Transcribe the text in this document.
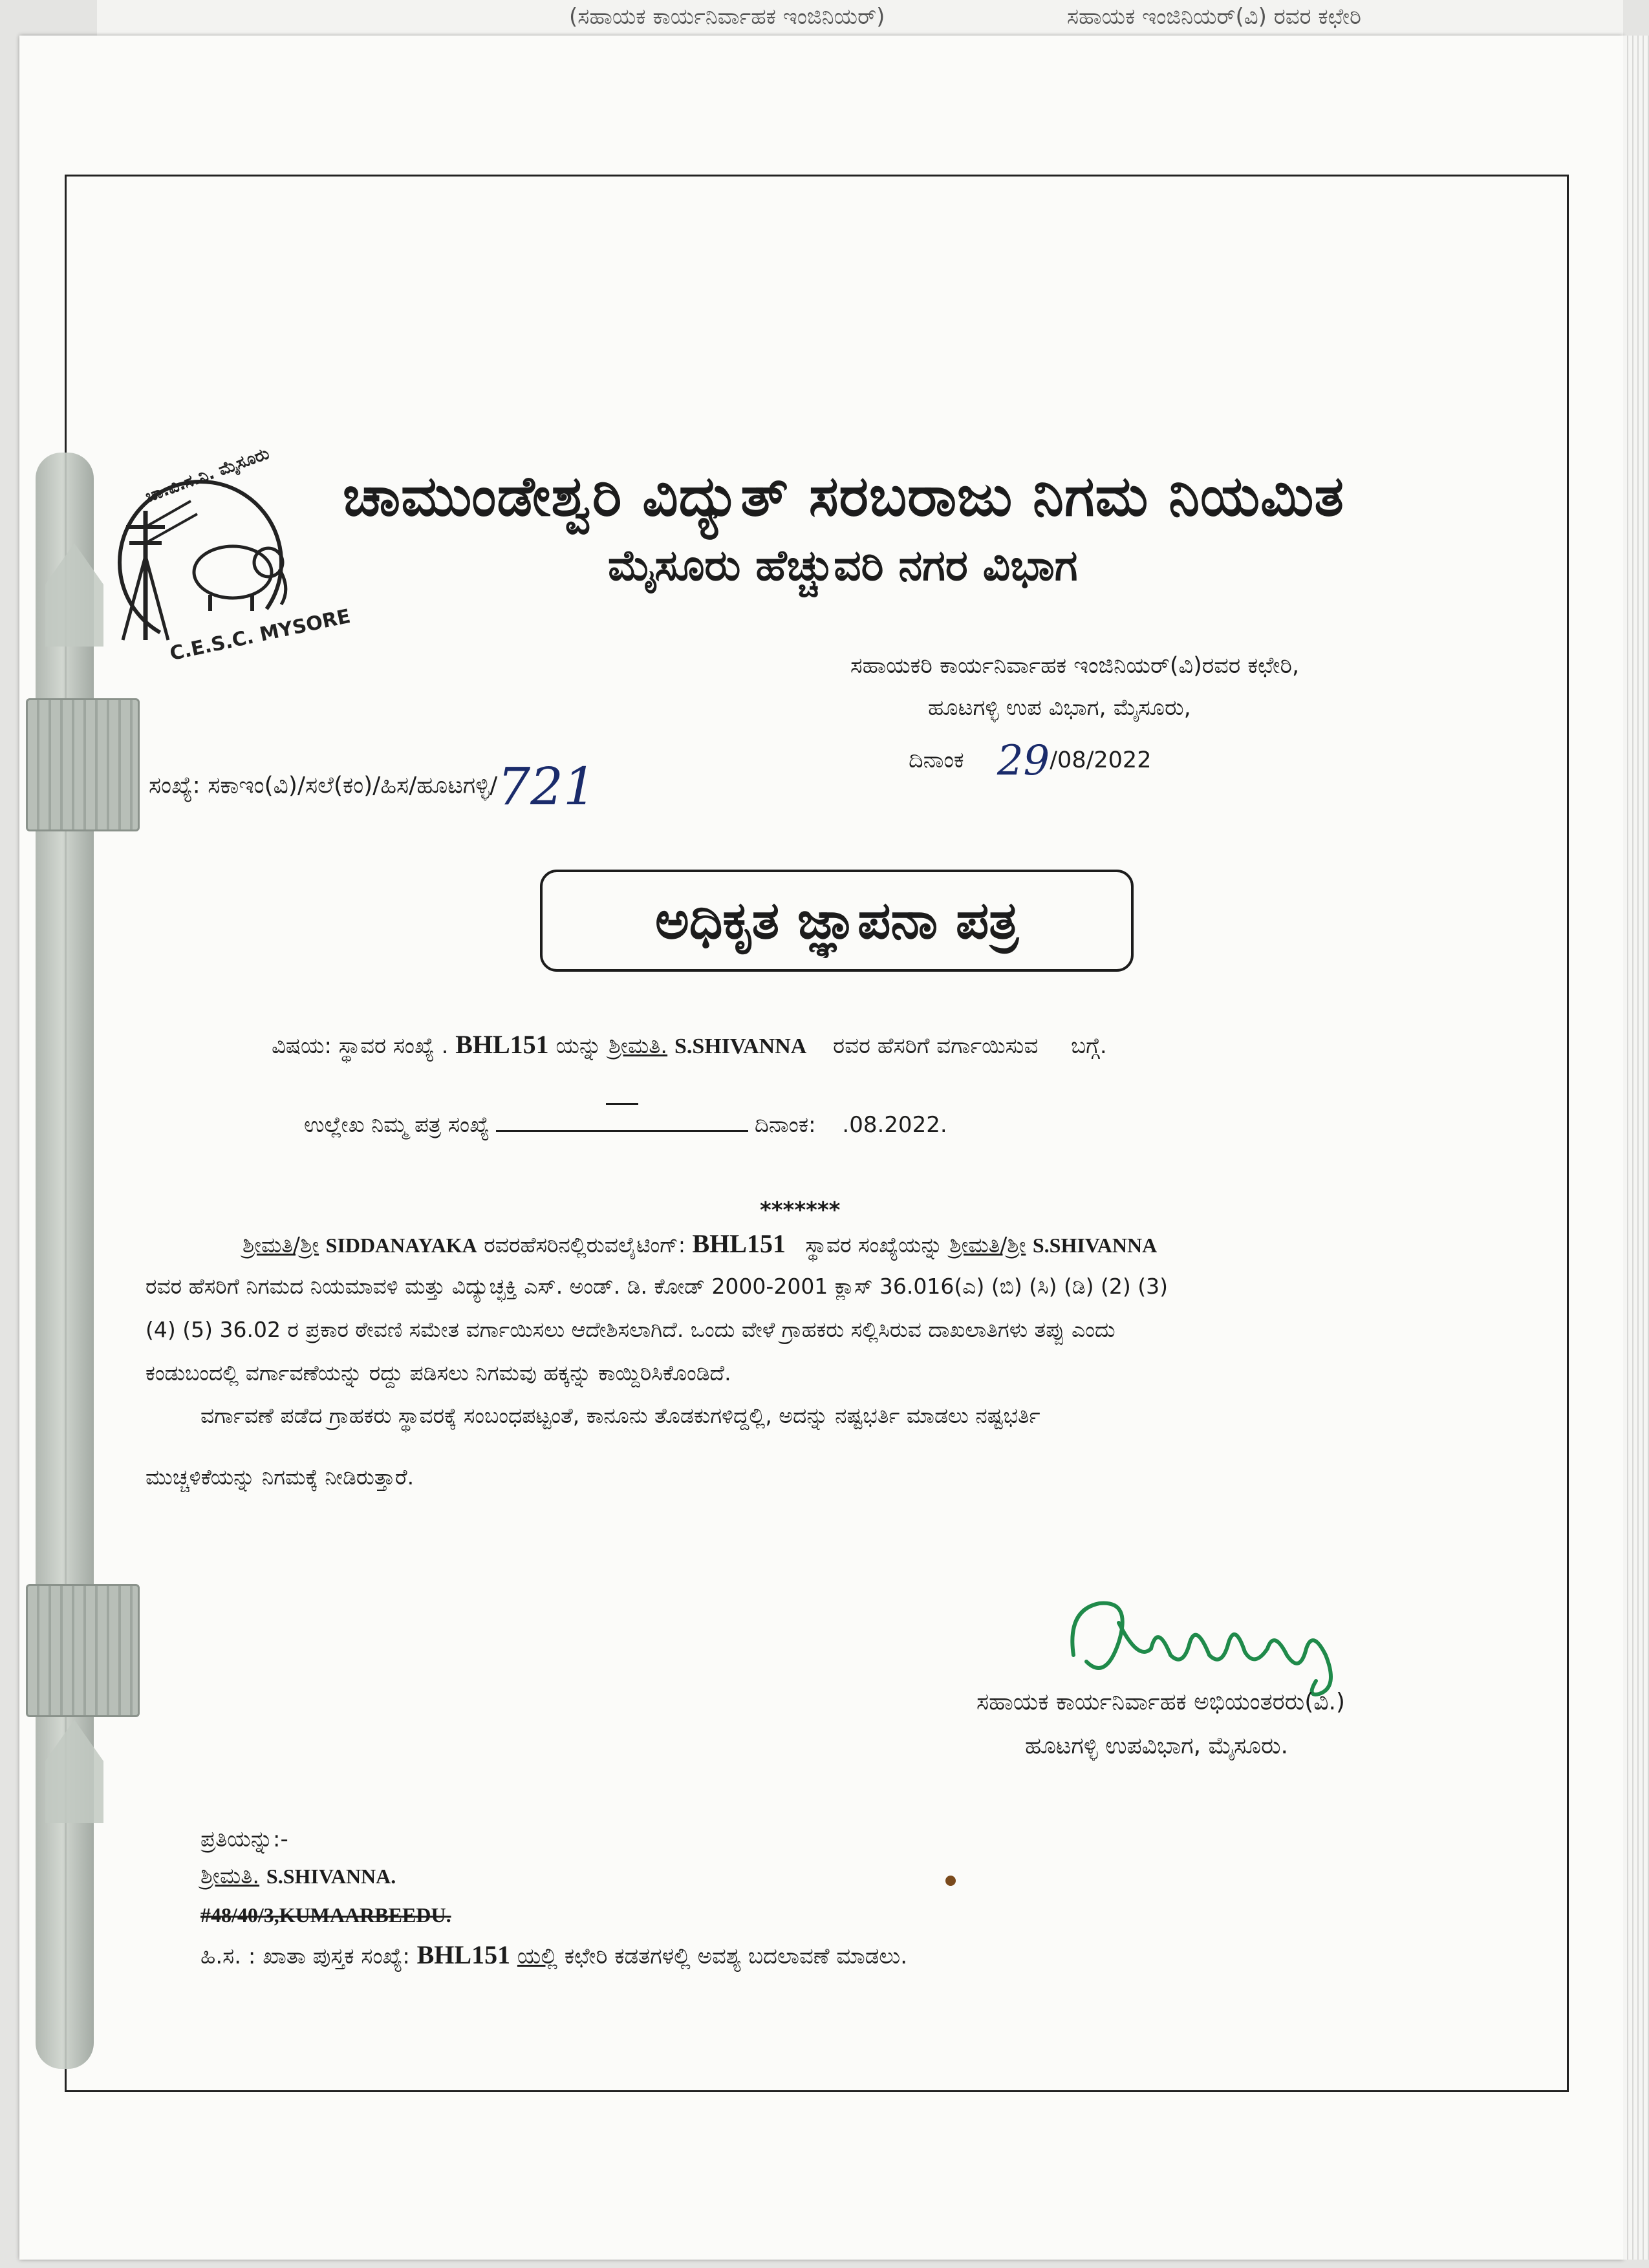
(ಸಹಾಯಕ ಕಾರ್ಯನಿರ್ವಾಹಕ ಇಂಜಿನಿಯರ್)	ಸಹಾಯಕ ಇಂಜಿನಿಯರ್(ವಿ) ರವರ ಕಛೇರಿ
ಚಾ.ವಿ.ಸ.ನಿ. ಮೈಸೂರು
C.E.S.C. MYSORE
ಚಾಮುಂಡೇಶ್ವರಿ ವಿದ್ಯುತ್ ಸರಬರಾಜು ನಿಗಮ ನಿಯಮಿತ
ಮೈಸೂರು ಹೆಚ್ಚುವರಿ ನಗರ ವಿಭಾಗ
ಸಹಾಯಕರಿ ಕಾರ್ಯನಿರ್ವಾಹಕ ಇಂಜಿನಿಯರ್(ವಿ)ರವರ ಕಛೇರಿ,
ಹೂಟಗಳ್ಳಿ ಉಪ ವಿಭಾಗ, ಮೈಸೂರು,
ಸಂಖ್ಯೆ: ಸಕಾಇಂ(ವಿ)/ಸಲೆ(ಕಂ)/ಹಿಸ/ಹೂಟಗಳ್ಳಿ/721	ದಿನಾಂಕ 29/08/2022
ಅಧಿಕೃತ ಜ್ಞಾಪನಾ ಪತ್ರ
ವಿಷಯ: ಸ್ಥಾವರ ಸಂಖ್ಯೆ . BHL151 ಯನ್ನು ಶ್ರೀಮತಿ. S.SHIVANNA ರವರ ಹೆಸರಿಗೆ ವರ್ಗಾಯಿಸುವ ಬಗ್ಗೆ.
ಉಲ್ಲೇಖ ನಿಮ್ಮ ಪತ್ರ ಸಂಖ್ಯೆ	ದಿನಾಂಕ: .08.2022.
*******
ಶ್ರೀಮತಿ/ಶ್ರೀ SIDDANAYAKA ರವರಹೆಸರಿನಲ್ಲಿರುವಲೈಟಿಂಗ್: BHL151 ಸ್ಥಾವರ ಸಂಖ್ಯೆಯನ್ನು ಶ್ರೀಮತಿ/ಶ್ರೀ S.SHIVANNA
ರವರ ಹೆಸರಿಗೆ ನಿಗಮದ ನಿಯಮಾವಳಿ ಮತ್ತು ವಿದ್ಯುಚ್ಛಕ್ತಿ ಎಸ್. ಅಂಡ್. ಡಿ. ಕೋಡ್ 2000-2001 ಕ್ಲಾಸ್ 36.016(ಎ) (ಬಿ) (ಸಿ) (ಡಿ) (2) (3)
(4) (5) 36.02 ರ ಪ್ರಕಾರ ಠೇವಣಿ ಸಮೇತ ವರ್ಗಾಯಿಸಲು ಆದೇಶಿಸಲಾಗಿದೆ. ಒಂದು ವೇಳೆ ಗ್ರಾಹಕರು ಸಲ್ಲಿಸಿರುವ ದಾಖಲಾತಿಗಳು ತಪ್ಪು ಎಂದು
ಕಂಡುಬಂದಲ್ಲಿ ವರ್ಗಾವಣೆಯನ್ನು ರದ್ದು ಪಡಿಸಲು ನಿಗಮವು ಹಕ್ಕನ್ನು ಕಾಯ್ದಿರಿಸಿಕೊಂಡಿದೆ.
ವರ್ಗಾವಣೆ ಪಡೆದ ಗ್ರಾಹಕರು ಸ್ಥಾವರಕ್ಕೆ ಸಂಬಂಧಪಟ್ಟಂತೆ, ಕಾನೂನು ತೊಡಕುಗಳಿದ್ದಲ್ಲಿ, ಅದನ್ನು ನಷ್ಟಭರ್ತಿ ಮಾಡಲು ನಷ್ಟಭರ್ತಿ
ಮುಚ್ಚಳಿಕೆಯನ್ನು ನಿಗಮಕ್ಕೆ ನೀಡಿರುತ್ತಾರೆ.
ಸಹಾಯಕ ಕಾರ್ಯನಿರ್ವಾಹಕ ಅಭಿಯಂತರರು(ವಿ.)
ಹೂಟಗಳ್ಳಿ ಉಪವಿಭಾಗ, ಮೈಸೂರು.
ಪ್ರತಿಯನ್ನು:-
ಶ್ರೀಮತಿ. S.SHIVANNA.
#48/40/3,KUMAARBEEDU.
ಹಿ.ಸ. : ಖಾತಾ ಪುಸ್ತಕ ಸಂಖ್ಯೆ: BHL151 ಯಲ್ಲಿ ಕಛೇರಿ ಕಡತಗಳಲ್ಲಿ ಅವಶ್ಯ ಬದಲಾವಣೆ ಮಾಡಲು.
